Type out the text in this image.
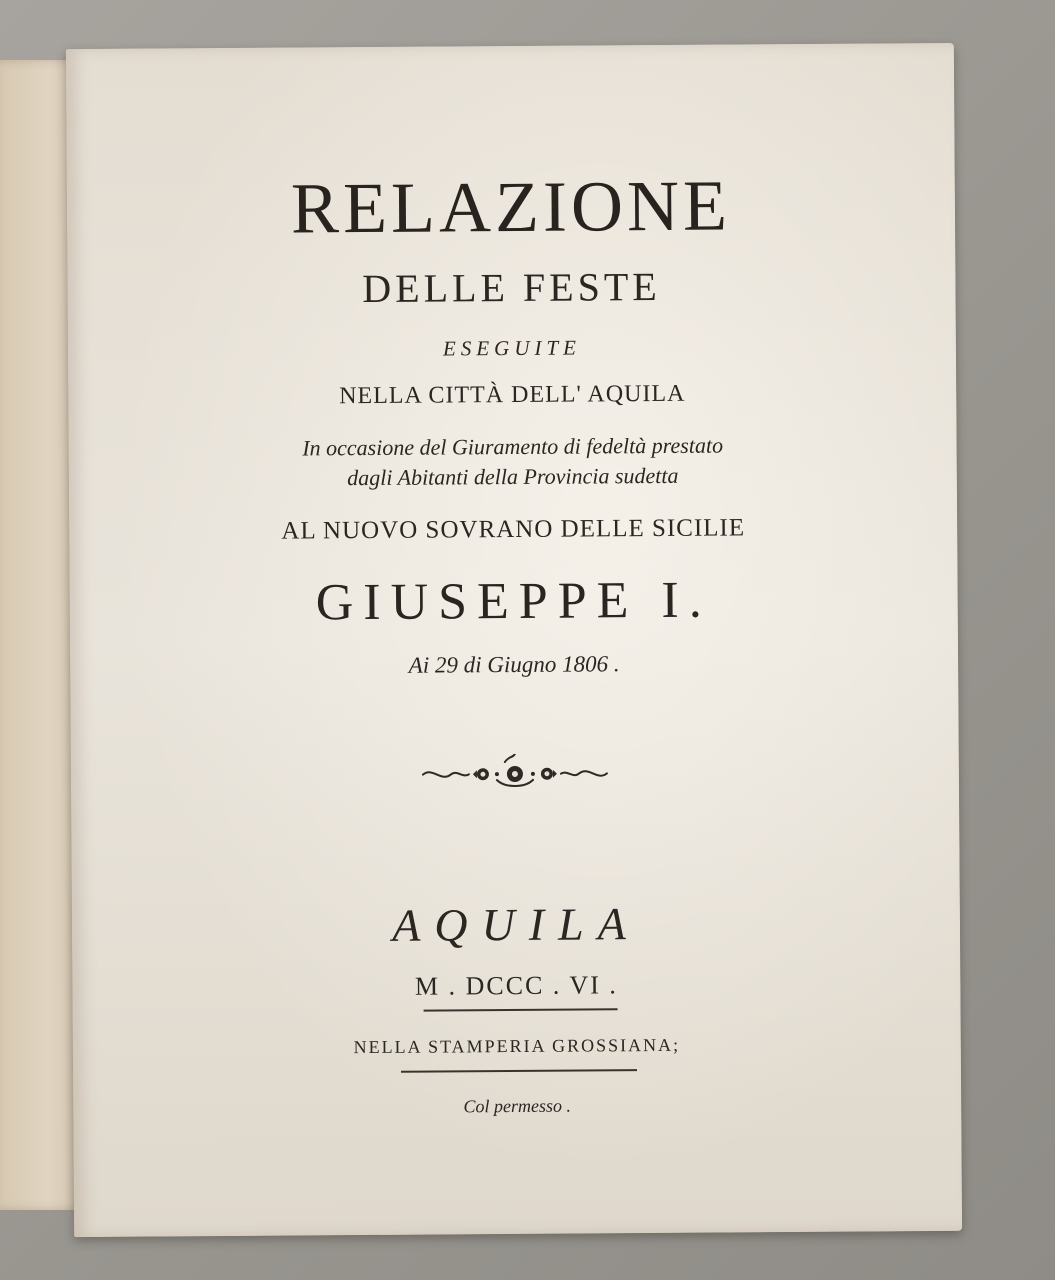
RELAZIONE
DELLE FESTE
ESEGUITE
NELLA CITTÀ DELL' AQUILA
In occasione del Giuramento di fedeltà prestato
dagli Abitanti della Provincia sudetta
AL NUOVO SOVRANO DELLE SICILIE
GIUSEPPE I.
Ai 29 di Giugno 1806 .
AQUILA
M . DCCC . VI .
NELLA STAMPERIA GROSSIANA;
Col permesso .
